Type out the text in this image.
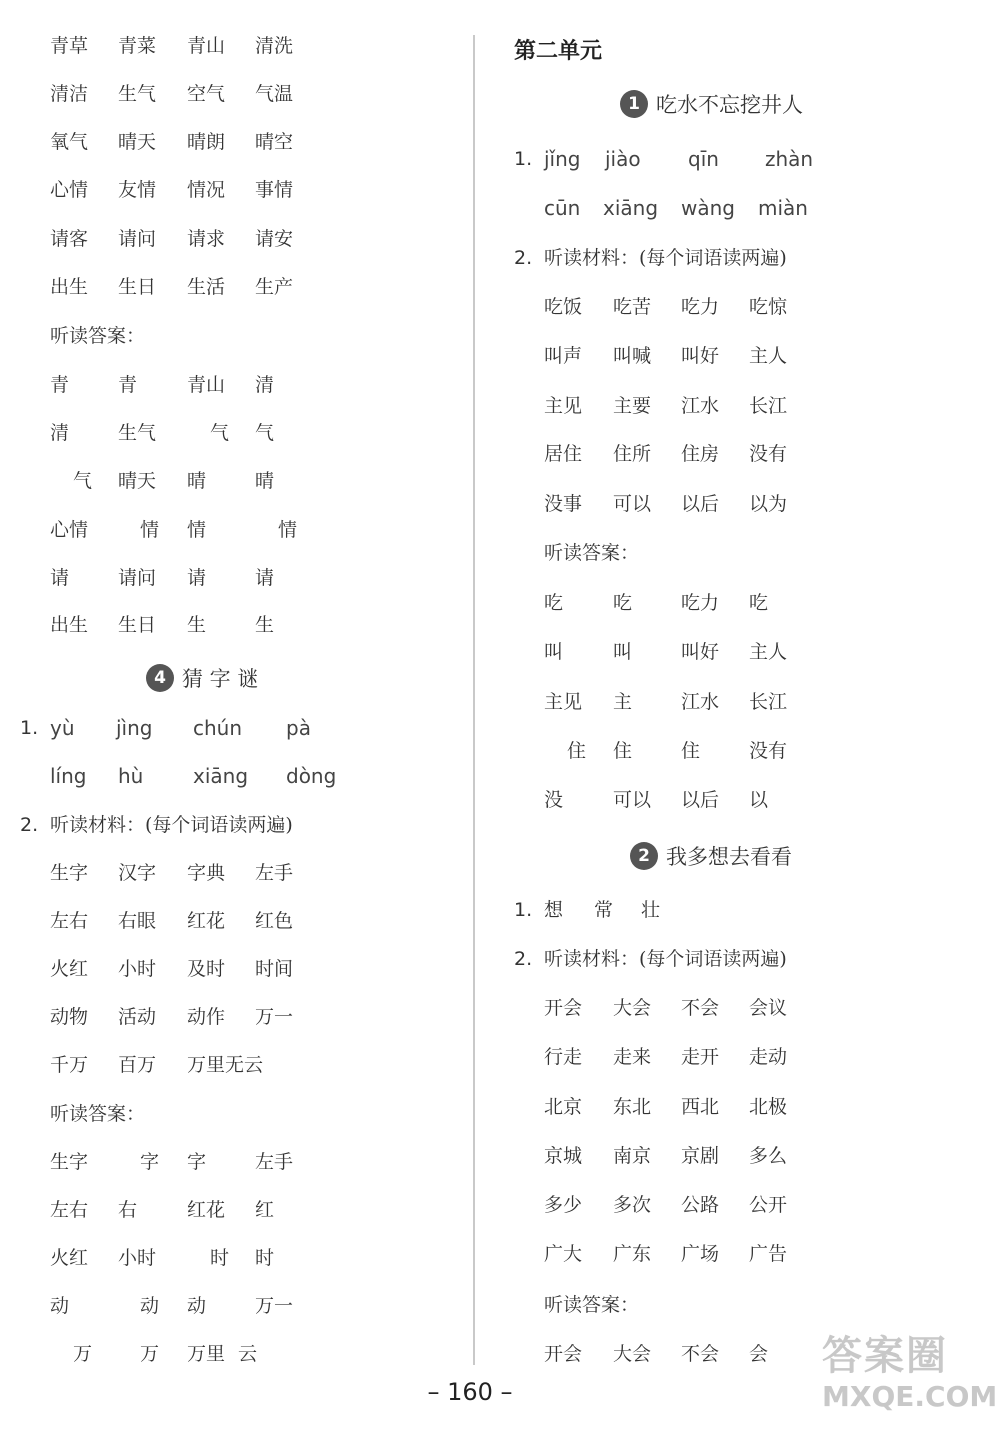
青草 青菜 青山 清洗
清洁 生气 空气 气温
氧气 晴天 晴朗 晴空
心情 友情 情况 事情
请客 请问 请求 请安
出生 生日 生活 生产
听读答案：
青	青	青山 清
清	生气	气 气
气 晴天 晴	晴
心情	情 情	情
请	请问 请	请
出生 生日 生	生
4 猜 字 谜
1. yù jìng chún pà
líng hù xiāng dòng
2. 听读材料：(每个词语读两遍)
生字 汉字 字典 左手
左右 右眼 红花 红色
火红 小时 及时 时间
动物 活动 动作 万一
千万 百万 万里无云
听读答案：
生字	字 字	左手
左右 右	红花 红
火红 小时	时 时
动	动 动	万一
万	万 万里 云
第二单元
1 吃水不忘挖井人
1. jǐng jiào qīn zhàn
cūn xiāng wàng miàn
2. 听读材料：(每个词语读两遍)
吃饭 吃苦 吃力 吃惊
叫声 叫喊 叫好 主人
主见 主要 江水 长江
居住 住所 住房 没有
没事 可以 以后 以为
听读答案：
吃	吃	吃力 吃
叫	叫	叫好 主人
主见 主	江水 长江
住 住	住	没有
没	可以 以后 以
2 我多想去看看
1. 想 常 壮
2. 听读材料：(每个词语读两遍)
开会 大会 不会 会议
行走 走来 走开 走动
北京 东北 西北 北极
京城 南京 京剧 多么
多少 多次 公路 公开
广大 广东 广场 广告
听读答案：
开会 大会 不会 会
– 160 –
答案圈
MXQE.COM
